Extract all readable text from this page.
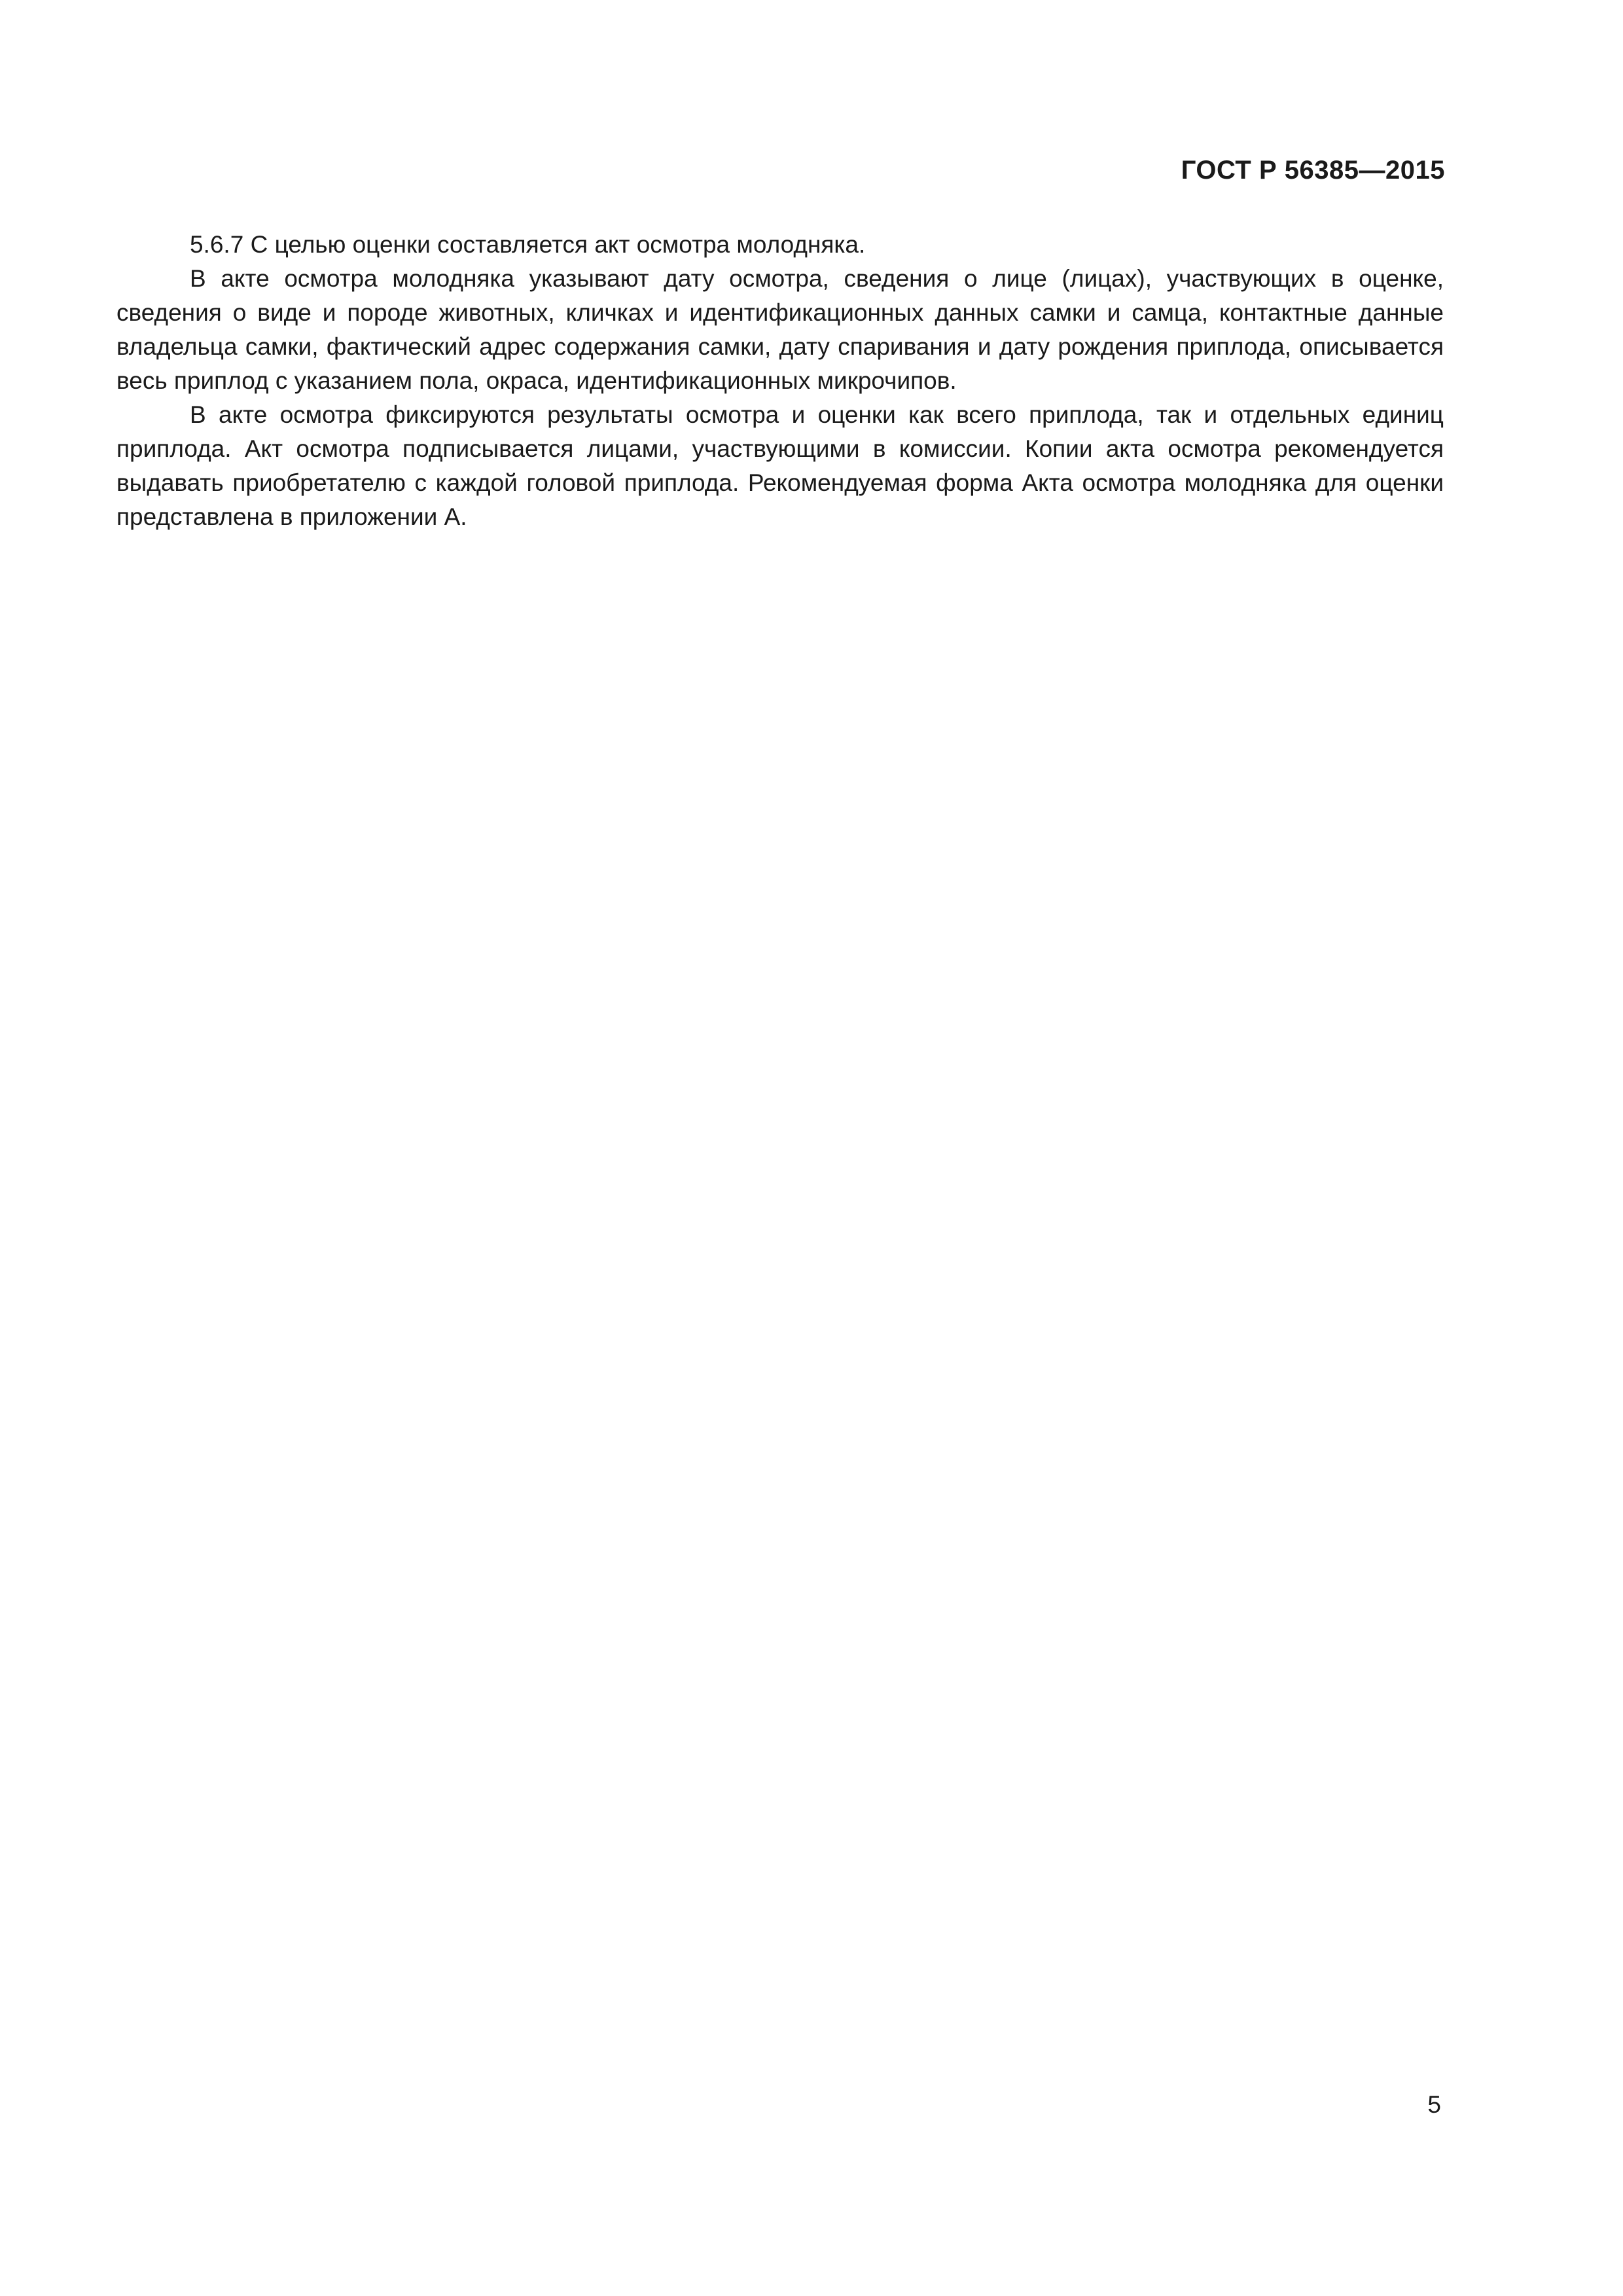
ГОСТ Р 56385—2015

5.6.7 С целью оценки составляется акт осмотра молодняка.

В акте осмотра молодняка указывают дату осмотра, сведения о лице (лицах), участвующих в оценке, сведения о виде и породе животных, кличках и идентификационных данных самки и самца, контактные данные владельца самки, фактический адрес содержания самки, дату спаривания и дату рождения приплода, описывается весь приплод с указанием пола, окраса, идентификационных микрочипов.

В акте осмотра фиксируются результаты осмотра и оценки как всего приплода, так и отдельных единиц приплода. Акт осмотра подписывается лицами, участвующими в комиссии. Копии акта осмотра рекомендуется выдавать приобретателю с каждой головой приплода. Рекомендуемая форма Акта осмотра молодняка для оценки представлена в приложении А.

5
